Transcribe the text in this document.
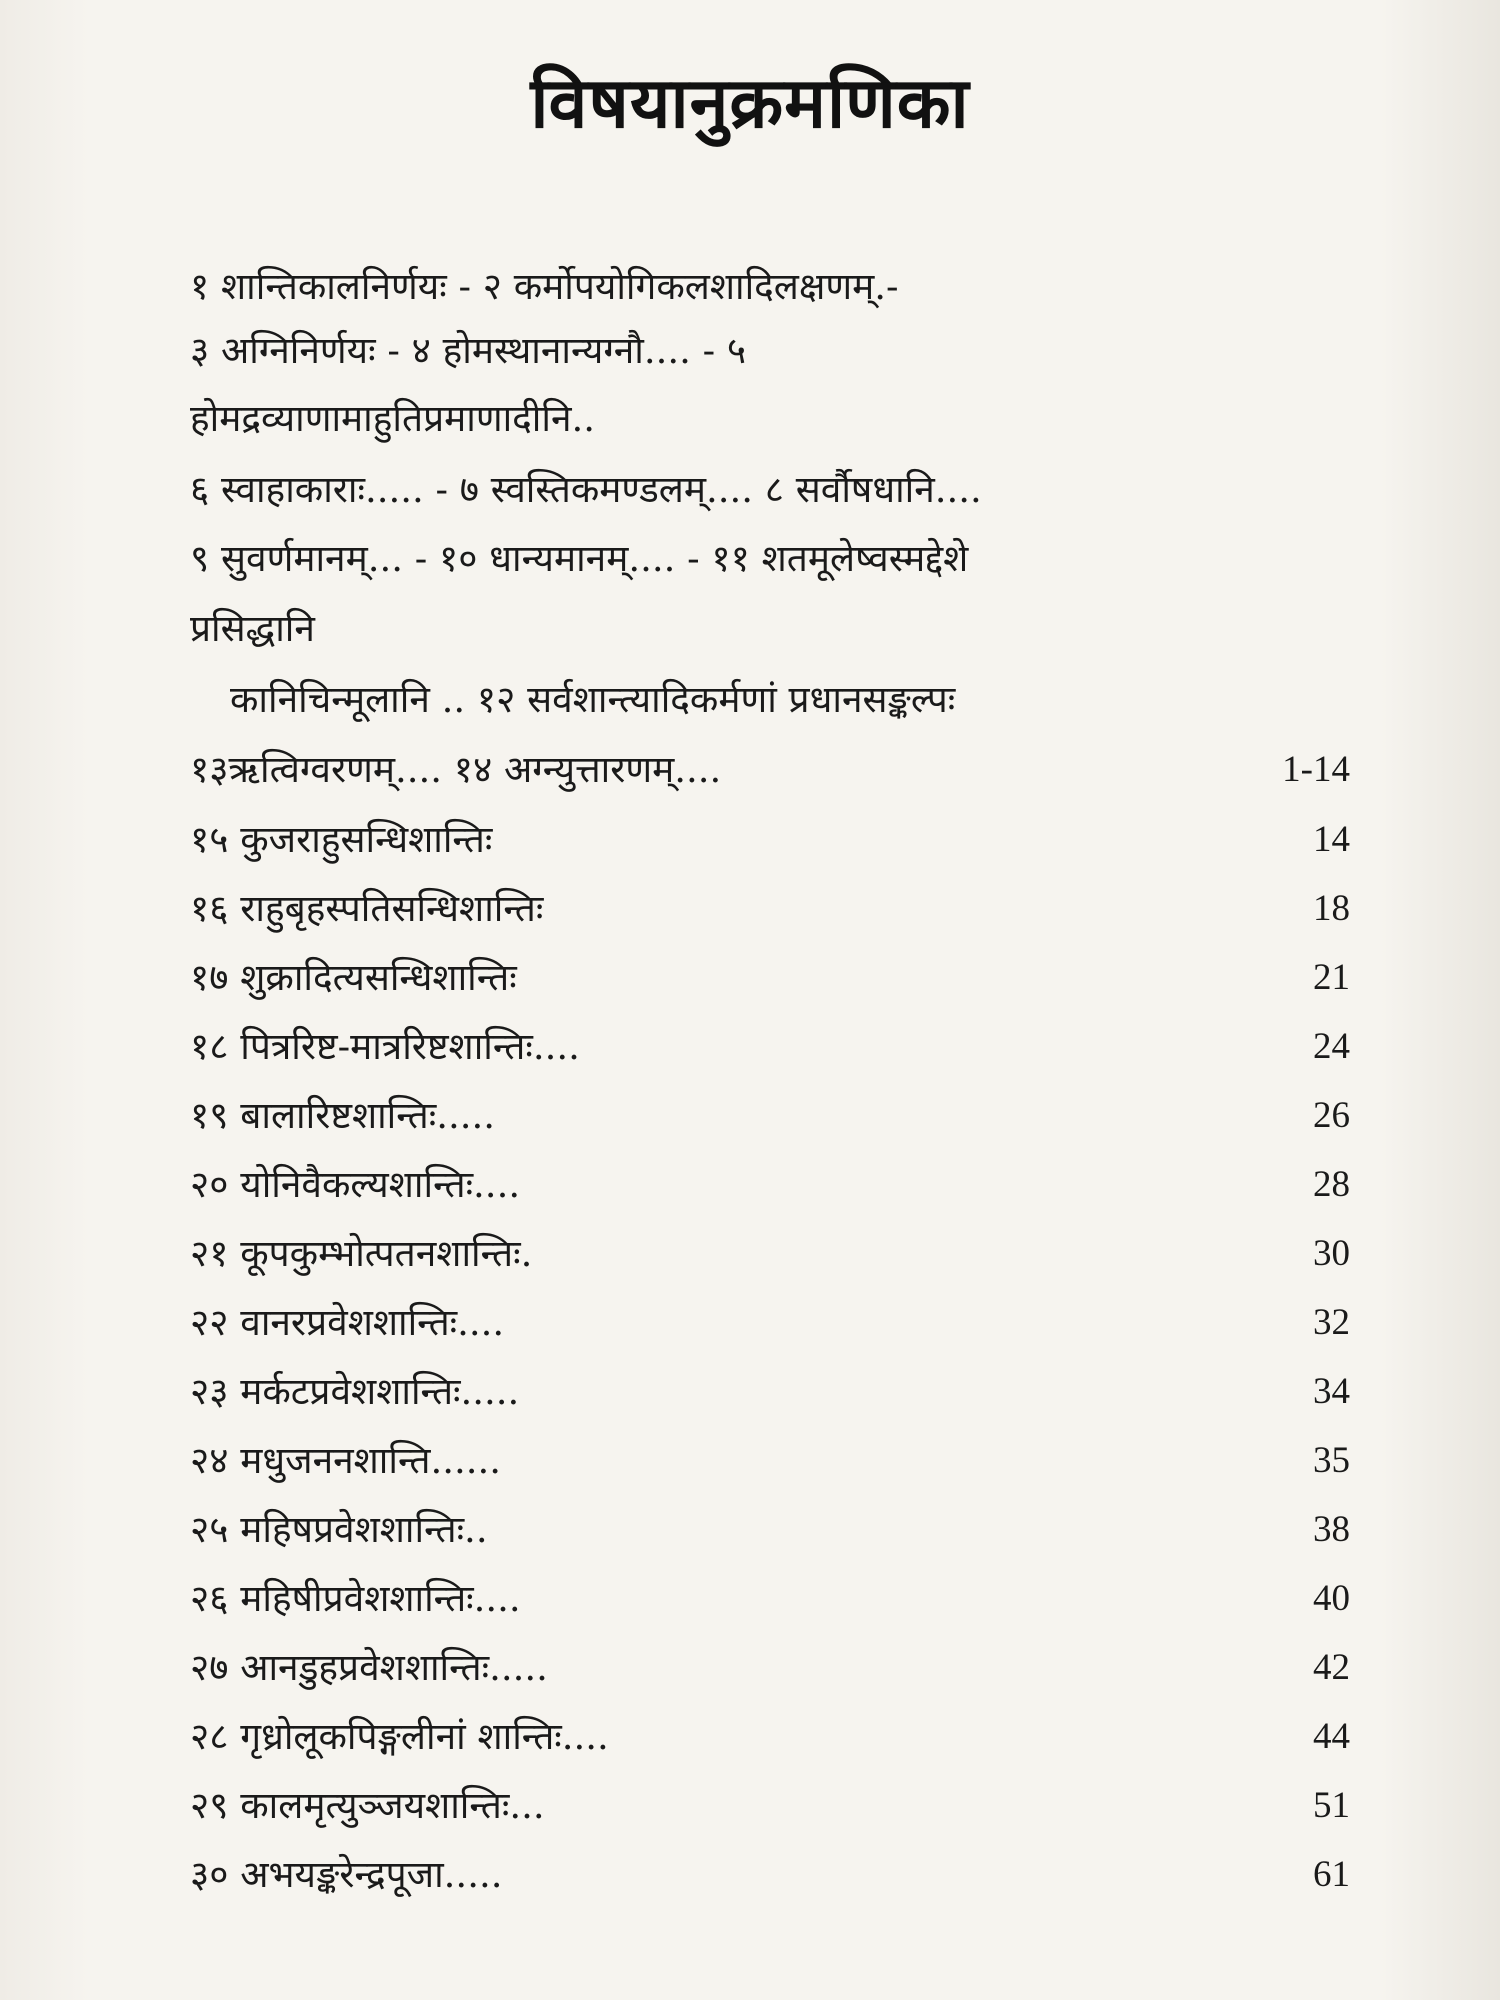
विषयानुक्रमणिका
१ शान्तिकालनिर्णयः - २ कर्मोपयोगिकलशादिलक्षणम्.-
३ अग्निनिर्णयः - ४ होमस्थानान्यग्नौ.... - ५
होमद्रव्याणामाहुतिप्रमाणादीनि..
६ स्वाहाकाराः..... - ७ स्वस्तिकमण्डलम्.... ८ सर्वौषधानि....
९ सुवर्णमानम्... - १० धान्यमानम्.... - ११ शतमूलेष्वस्मद्देशे
प्रसिद्धानि
कानिचिन्मूलानि .. १२ सर्वशान्त्यादिकर्मणां प्रधानसङ्कल्पः
१३ऋत्विग्वरणम्.... १४ अग्न्युत्तारणम्....	1-14
१५ कुजराहुसन्धिशान्तिः	14
१६ राहुबृहस्पतिसन्धिशान्तिः	18
१७ शुक्रादित्यसन्धिशान्तिः	21
१८ पित्ररिष्ट-मात्ररिष्टशान्तिः....	24
१९ बालारिष्टशान्तिः.....	26
२० योनिवैकल्यशान्तिः....	28
२१ कूपकुम्भोत्पतनशान्तिः.	30
२२ वानरप्रवेशशान्तिः....	32
२३ मर्कटप्रवेशशान्तिः.....	34
२४ मधुजननशान्ति......	35
२५ महिषप्रवेशशान्तिः..	38
२६ महिषीप्रवेशशान्तिः....	40
२७ आनडुहप्रवेशशान्तिः.....	42
२८ गृध्रोलूकपिङ्गलीनां शान्तिः....	44
२९ कालमृत्युञ्जयशान्तिः...	51
३० अभयङ्करेन्द्रपूजा.....	61
